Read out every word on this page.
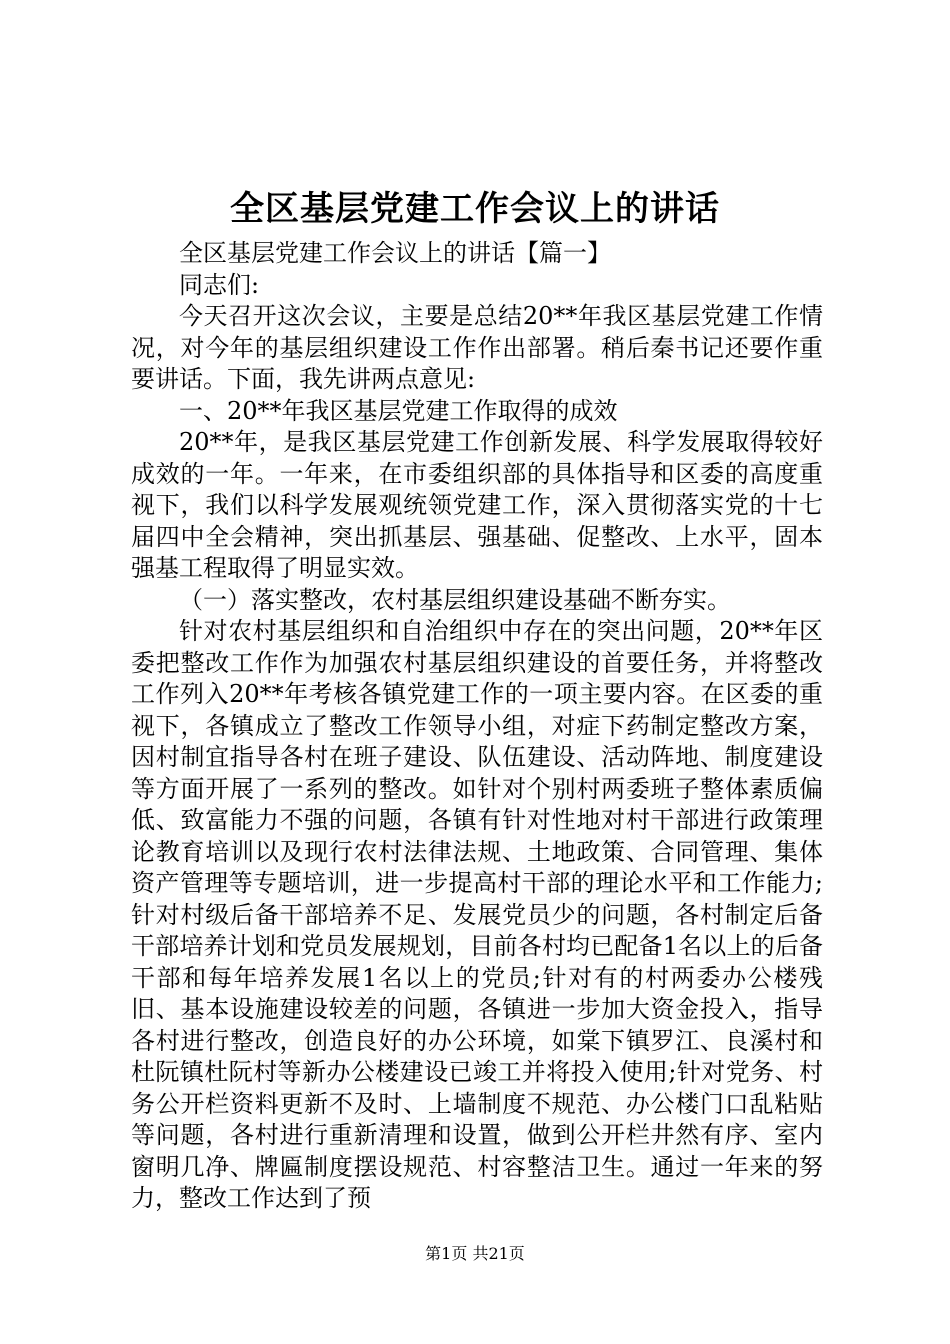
全区基层党建工作会议上的讲话

全区基层党建工作会议上的讲话【篇一】

同志们:

今天召开这次会议，主要是总结20**年我区基层党建工作情况，对今年的基层组织建设工作作出部署。稍后秦书记还要作重要讲话。下面，我先讲两点意见:

一、20**年我区基层党建工作取得的成效

20**年，是我区基层党建工作创新发展、科学发展取得较好成效的一年。一年来，在市委组织部的具体指导和区委的高度重视下，我们以科学发展观统领党建工作，深入贯彻落实党的十七届四中全会精神，突出抓基层、强基础、促整改、上水平，固本强基工程取得了明显实效。

（一）落实整改，农村基层组织建设基础不断夯实。

针对农村基层组织和自治组织中存在的突出问题，20**年区委把整改工作作为加强农村基层组织建设的首要任务，并将整改工作列入20**年考核各镇党建工作的一项主要内容。在区委的重视下，各镇成立了整改工作领导小组，对症下药制定整改方案，因村制宜指导各村在班子建设、队伍建设、活动阵地、制度建设等方面开展了一系列的整改。如针对个别村两委班子整体素质偏低、致富能力不强的问题，各镇有针对性地对村干部进行政策理论教育培训以及现行农村法律法规、土地政策、合同管理、集体资产管理等专题培训，进一步提高村干部的理论水平和工作能力;针对村级后备干部培养不足、发展党员少的问题，各村制定后备干部培养计划和党员发展规划，目前各村均已配备1名以上的后备干部和每年培养发展1名以上的党员;针对有的村两委办公楼残旧、基本设施建设较差的问题，各镇进一步加大资金投入，指导各村进行整改，创造良好的办公环境，如棠下镇罗江、良溪村和杜阮镇杜阮村等新办公楼建设已竣工并将投入使用;针对党务、村务公开栏资料更新不及时、上墙制度不规范、办公楼门口乱粘贴等问题，各村进行重新清理和设置，做到公开栏井然有序、室内窗明几净、牌匾制度摆设规范、村容整洁卫生。通过一年来的努力，整改工作达到了预

第1页 共21页
